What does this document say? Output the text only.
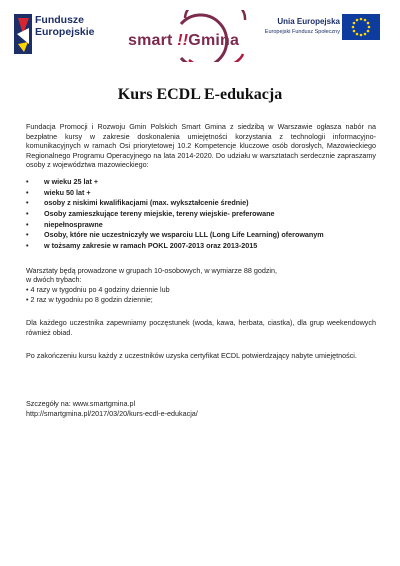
Fundusze
Europejskie smart !!Gmina
Unia Europejska
Europejski Fundusz Społeczny
Kurs ECDL E-edukacja

Fundacja Promocji i Rozwoju Gmin Polskich Smart Gmina z siedzibą w Warszawie ogłasza nabór na bezpłatne kursy w zakresie doskonalenia umiejętności korzystania z technologii informacyjno-komunikacyjnych w ramach Osi priorytetowej 10.2 Kompetencje kluczowe osób dorosłych, Mazowieckiego Regionalnego Programu Operacyjnego na lata 2014-2020. Do udziału w warsztatach serdecznie zapraszamy osoby z województwa mazowieckiego:

• w wieku 25 lat +
• wieku 50 lat +
• osoby z niskimi kwalifikacjami (max. wykształcenie średnie)
• Osoby zamieszkujące tereny miejskie, tereny wiejskie- preferowane
• niepełnosprawne
• Osoby, które nie uczestniczyły we wsparciu LLL (Long Life Learning) oferowanym
• w tożsamy zakresie w ramach POKL 2007-2013 oraz 2013-2015
Warsztaty będą prowadzone w grupach 10-osobowych, w wymiarze 88 godzin,
w dwóch trybach:
• 4 razy w tygodniu po 4 godziny dziennie lub
• 2 raz w tygodniu po 8 godzin dziennie;

Dla każdego uczestnika zapewniamy poczęstunek (woda, kawa, herbata, ciastka), dla grup weekendowych również obiad.

Po zakończeniu kursu każdy z uczestników uzyska certyfikat ECDL potwierdzający nabyte umiejętności.

Szczegóły na: www.smartgmina.pl
http://smartgmina.pl/2017/03/20/kurs-ecdl-e-edukacja/
